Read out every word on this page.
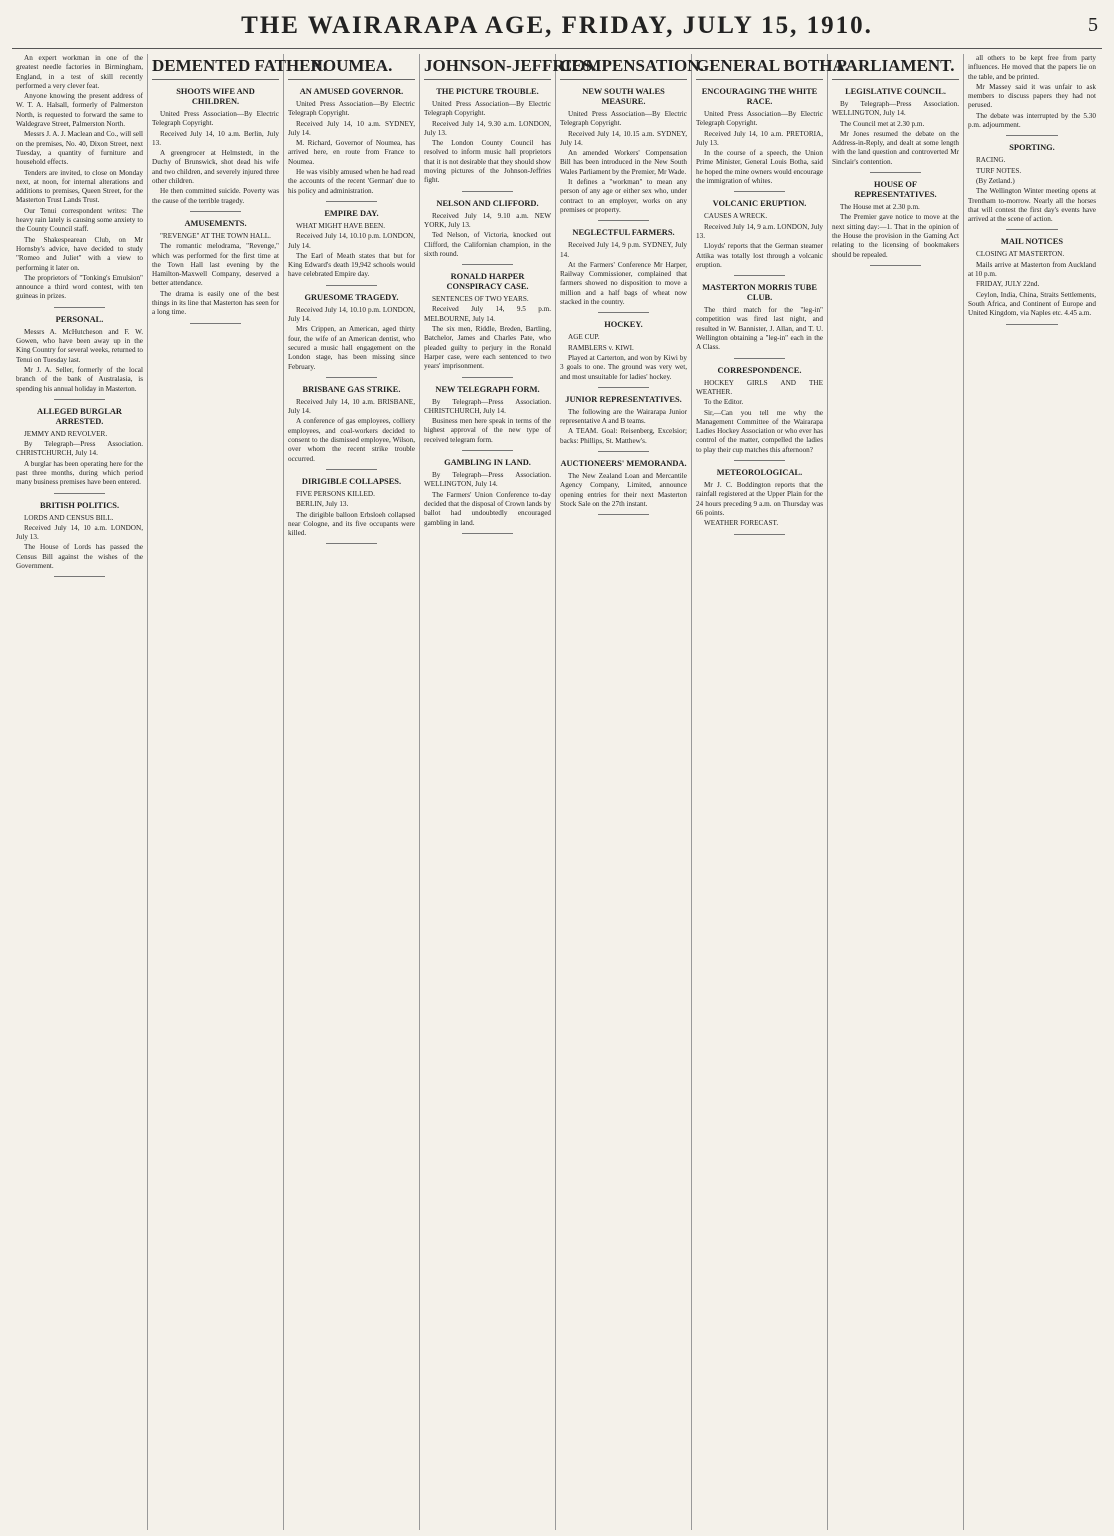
THE WAIRARAPA AGE, FRIDAY, JULY 15, 1910.	5

An expert workman in one of the greatest needle factories in Birmingham, England, in a test of skill recently performed a very clever feat.

Anyone knowing the present address of W. T. A. Halsall, formerly of Palmerston North, is requested to forward the same to Waldegrave Street, Palmerston North.

Messrs J. A. J. Maclean and Co., will sell on the premises, No. 40, Dixon Street, next Tuesday, a quantity of furniture and household effects.

Tenders are invited, to close on Monday next, at noon, for internal alterations and additions to premises, Queen Street, for the Masterton Trust Lands Trust.

Our Tenui correspondent writes: The heavy rain lately is causing some anxiety to the County Council staff.

The Shakespearean Club, on Mr Hornsby's advice, have decided to study "Romeo and Juliet" with a view to performing it later on.

The proprietors of "Tonking's Emulsion" announce a third word contest, with ten guineas in prizes.

PERSONAL.

Messrs A. McHutcheson and F. W. Gowen, who have been away up in the King Country for several weeks, returned to Tenui on Tuesday last.

Mr J. A. Seller, formerly of the local branch of the bank of Australasia, is spending his annual holiday in Masterton.

ALLEGED BURGLAR ARRESTED.

JEMMY AND REVOLVER.

By Telegraph—Press Association. CHRISTCHURCH, July 14.

A burglar has been operating here for the past three months, during which period many business premises have been entered.

BRITISH POLITICS.

LORDS AND CENSUS BILL.

Received July 14, 10 a.m. LONDON, July 13.

The House of Lords has passed the Census Bill against the wishes of the Government.

DEMENTED FATHER.
SHOOTS WIFE AND CHILDREN.

United Press Association—By Electric Telegraph Copyright.

Received July 14, 10 a.m. Berlin, July 13.

A greengrocer at Helmstedt, in the Duchy of Brunswick, shot dead his wife and two children, and severely injured three other children.

He then committed suicide. Poverty was the cause of the terrible tragedy.

AMUSEMENTS.

"REVENGE" AT THE TOWN HALL.

The romantic melodrama, "Revenge," which was performed for the first time at the Town Hall last evening by the Hamilton-Maxwell Company, deserved a better attendance.

The drama is easily one of the best things in its line that Masterton has seen for a long time.

NOUMEA.
AN AMUSED GOVERNOR.

United Press Association—By Electric Telegraph Copyright.

Received July 14, 10 a.m. SYDNEY, July 14.

M. Richard, Governor of Noumea, has arrived here, en route from France to Noumea.

He was visibly amused when he had read the accounts of the recent 'German' due to his policy and administration.

EMPIRE DAY.

WHAT MIGHT HAVE BEEN.

Received July 14, 10.10 p.m. LONDON, July 14.

The Earl of Meath states that but for King Edward's death 19,942 schools would have celebrated Empire day.

GRUESOME TRAGEDY.

Received July 14, 10.10 p.m. LONDON, July 14.

Mrs Crippen, an American, aged thirty four, the wife of an American dentist, who secured a music hall engagement on the London stage, has been missing since February.

BRISBANE GAS STRIKE.

Received July 14, 10 a.m. BRISBANE, July 14.

A conference of gas employees, colliery employees, and coal-workers decided to consent to the dismissed employee, Wilson, over whom the recent strike trouble occurred.

DIRIGIBLE COLLAPSES.

FIVE PERSONS KILLED.

BERLIN, July 13.

The dirigible balloon Erbsloeh collapsed near Cologne, and its five occupants were killed.

JOHNSON-JEFFRIES.
THE PICTURE TROUBLE.

United Press Association—By Electric Telegraph Copyright.

Received July 14, 9.30 a.m. LONDON, July 13.

The London County Council has resolved to inform music hall proprietors that it is not desirable that they should show moving pictures of the Johnson-Jeffries fight.

NELSON AND CLIFFORD.

Received July 14, 9.10 a.m. NEW YORK, July 13.

Ted Nelson, of Victoria, knocked out Clifford, the Californian champion, in the sixth round.

RONALD HARPER CONSPIRACY CASE.

SENTENCES OF TWO YEARS.

Received July 14, 9.5 p.m. MELBOURNE, July 14.

The six men, Riddle, Breden, Bartling, Batchelor, James and Charles Pate, who pleaded guilty to perjury in the Ronald Harper case, were each sentenced to two years' imprisonment.

NEW TELEGRAPH FORM.

By Telegraph—Press Association. CHRISTCHURCH, July 14.

Business men here speak in terms of the highest approval of the new type of received telegram form.

GAMBLING IN LAND.

By Telegraph—Press Association. WELLINGTON, July 14.

The Farmers' Union Conference to-day decided that the disposal of Crown lands by ballot had undoubtedly encouraged gambling in land.

COMPENSATION.
NEW SOUTH WALES MEASURE.

United Press Association—By Electric Telegraph Copyright.

Received July 14, 10.15 a.m. SYDNEY, July 14.

An amended Workers' Compensation Bill has been introduced in the New South Wales Parliament by the Premier, Mr Wade.

It defines a "workman" to mean any person of any age or either sex who, under contract to an employer, works on any premises or property.

NEGLECTFUL FARMERS.

Received July 14, 9 p.m. SYDNEY, July 14.

At the Farmers' Conference Mr Harper, Railway Commissioner, complained that farmers showed no disposition to move a million and a half bags of wheat now stacked in the country.

HOCKEY.

AGE CUP.

RAMBLERS v. KIWI.

Played at Carterton, and won by Kiwi by 3 goals to one. The ground was very wet, and most unsuitable for ladies' hockey.

JUNIOR REPRESENTATIVES.

The following are the Wairarapa Junior representative A and B teams.

A TEAM. Goal: Reisenberg, Excelsior; backs: Phillips, St. Matthew's.

AUCTIONEERS' MEMORANDA.

The New Zealand Loan and Mercantile Agency Company, Limited, announce opening entries for their next Masterton Stock Sale on the 27th instant.

GENERAL BOTHA.
ENCOURAGING THE WHITE RACE.

United Press Association—By Electric Telegraph Copyright.

Received July 14, 10 a.m. PRETORIA, July 13.

In the course of a speech, the Union Prime Minister, General Louis Botha, said he hoped the mine owners would encourage the immigration of whites.

VOLCANIC ERUPTION.

CAUSES A WRECK.

Received July 14, 9 a.m. LONDON, July 13.

Lloyds' reports that the German steamer Attika was totally lost through a volcanic eruption.

MASTERTON MORRIS TUBE CLUB.

The third match for the "leg-in" competition was fired last night, and resulted in W. Bannister, J. Allan, and T. U. Wellington obtaining a "leg-in" each in the A Class.

CORRESPONDENCE.

HOCKEY GIRLS AND THE WEATHER.

To the Editor.

Sir,—Can you tell me why the Management Committee of the Wairarapa Ladies Hockey Association or who ever has control of the matter, compelled the ladies to play their cup matches this afternoon?

METEOROLOGICAL.

Mr J. C. Boddington reports that the rainfall registered at the Upper Plain for the 24 hours preceding 9 a.m. on Thursday was 66 points.

WEATHER FORECAST.

PARLIAMENT.
LEGISLATIVE COUNCIL.

By Telegraph—Press Association. WELLINGTON, July 14.

The Council met at 2.30 p.m.

Mr Jones resumed the debate on the Address-in-Reply, and dealt at some length with the land question and controverted Mr Sinclair's contention.

HOUSE OF REPRESENTATIVES.

The House met at 2.30 p.m.

The Premier gave notice to move at the next sitting day:—1. That in the opinion of the House the provision in the Gaming Act relating to the licensing of bookmakers should be repealed.

all others to be kept free from party influences. He moved that the papers lie on the table, and be printed.

Mr Massey said it was unfair to ask members to discuss papers they had not perused.

The debate was interrupted by the 5.30 p.m. adjournment.

SPORTING.

RACING.

TURF NOTES.

(By Zetland.)

The Wellington Winter meeting opens at Trentham to-morrow. Nearly all the horses that will contest the first day's events have arrived at the scene of action.

MAIL NOTICES

CLOSING AT MASTERTON.

Mails arrive at Masterton from Auckland at 10 p.m.

FRIDAY, JULY 22nd.

Ceylon, India, China, Straits Settlements, South Africa, and Continent of Europe and United Kingdom, via Naples etc. 4.45 a.m.
